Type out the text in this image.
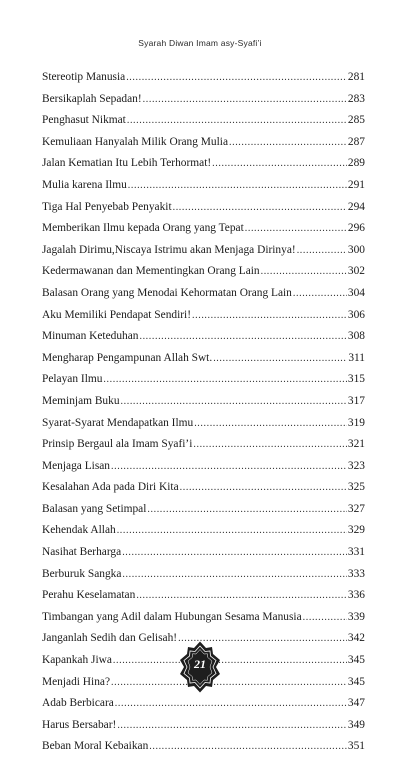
Syarah Diwan Imam asy-Syafi’i
Stereotip Manusia .....	281
Bersikaplah Sepadan! .....	283
Penghasut Nikmat .....	285
Kemuliaan Hanyalah Milik Orang Mulia .....	287
Jalan Kematian Itu Lebih Terhormat! .....	289
Mulia karena Ilmu .....	291
Tiga Hal Penyebab Penyakit .....	294
Memberikan Ilmu kepada Orang yang Tepat .....	296
Jagalah Dirimu,Niscaya Istrimu akan Menjaga Dirinya! .....	300
Kedermawanan dan Mementingkan Orang Lain .....	302
Balasan Orang yang Menodai Kehormatan Orang Lain .....	304
Aku Memiliki Pendapat Sendiri! .....	306
Minuman Keteduhan .....	308
Mengharap Pengampunan Allah Swt. .....	311
Pelayan Ilmu .....	315
Meminjam Buku .....	317
Syarat-Syarat Mendapatkan Ilmu .....	319
Prinsip Bergaul ala Imam Syafi’i .....	321
Menjaga Lisan .....	323
Kesalahan Ada pada Diri Kita .....	325
Balasan yang Setimpal .....	327
Kehendak Allah .....	329
Nasihat Berharga .....	331
Berburuk Sangka .....	333
Perahu Keselamatan .....	336
Timbangan yang Adil dalam Hubungan Sesama Manusia .....	339
Janganlah Sedih dan Gelisah! .....	342
Kapankah Jiwa .....	345
Menjadi Hina? .....	345
Adab Berbicara .....	347
Harus Bersabar! .....	349
Beban Moral Kebaikan .....	351
21
